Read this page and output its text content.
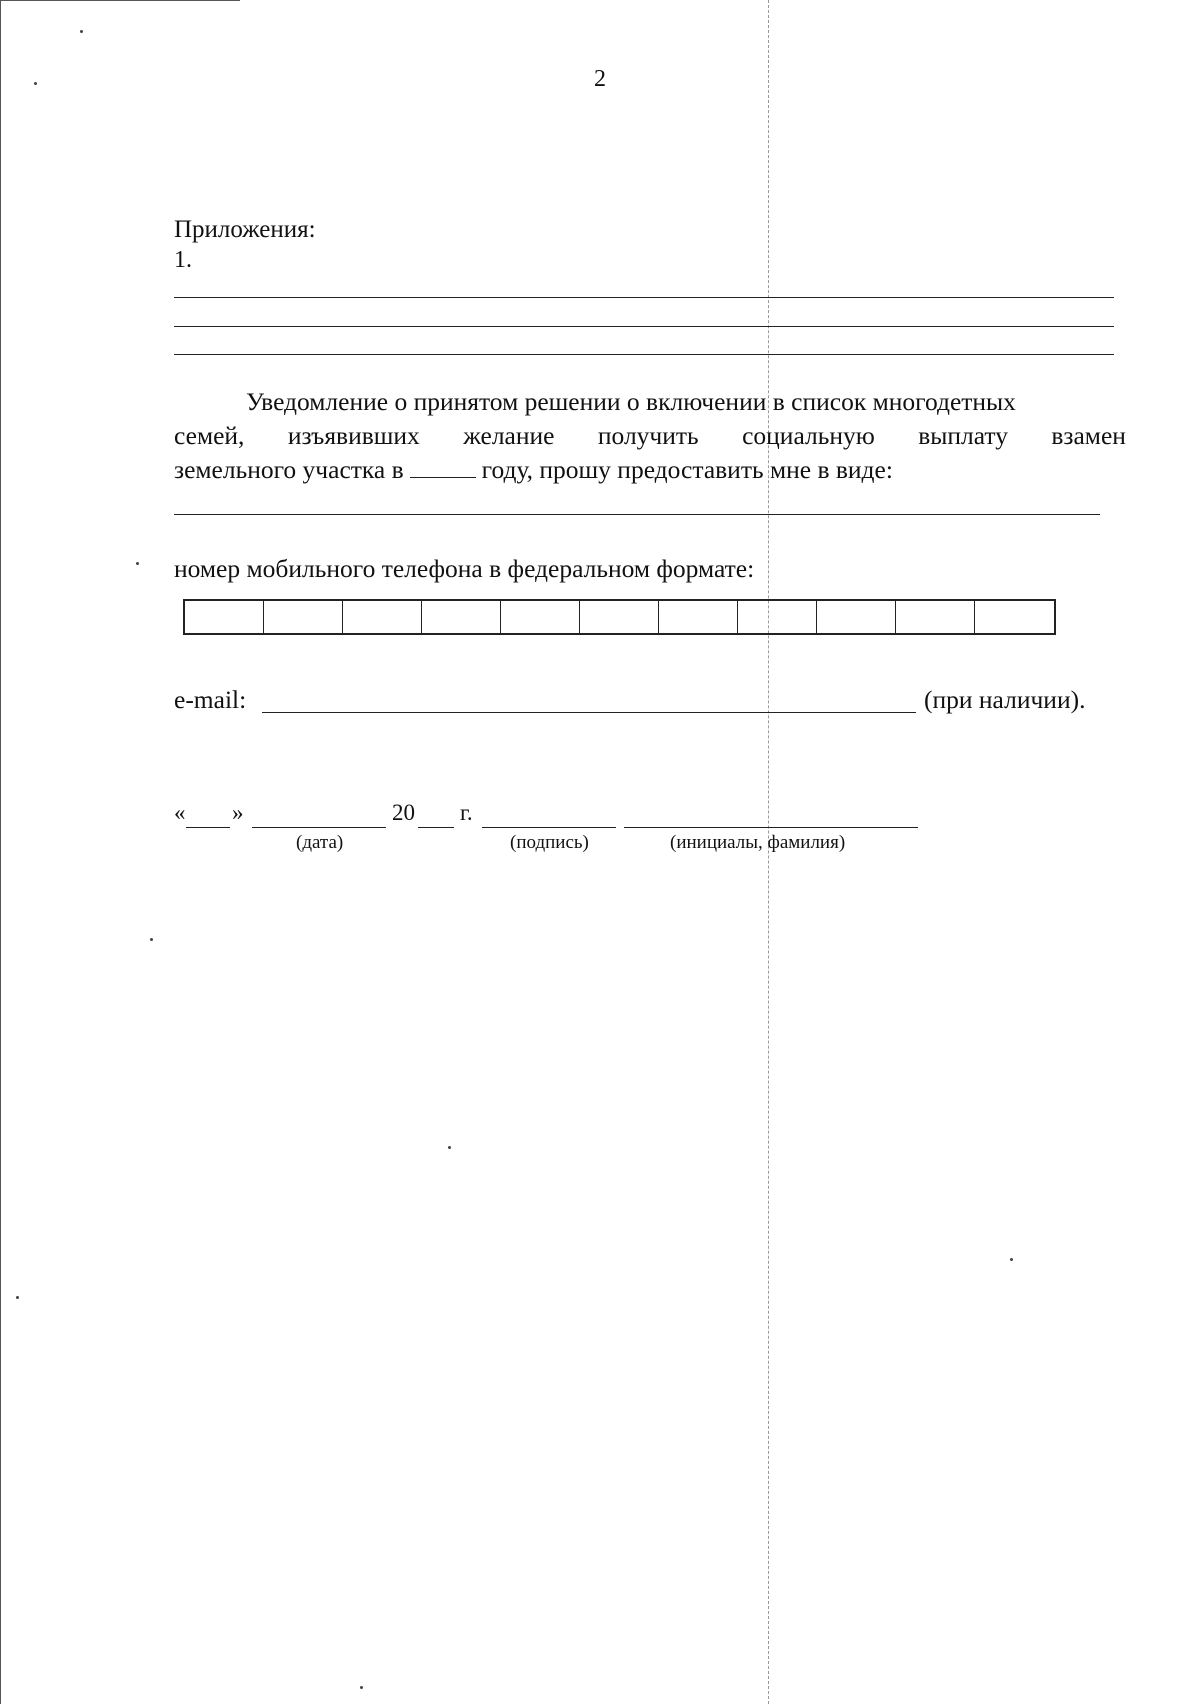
2
Приложения:
1.
Уведомление о принятом решении о включении в список многодетных
семей, изъявивших желание получить социальную выплату взамен
земельного участка в	году, прошу предоставить мне в виде:
номер мобильного телефона в федеральном формате:
e-mail:	(при наличии).
« »	20 г.
(дата)	(подпись)	(инициалы, фамилия)
